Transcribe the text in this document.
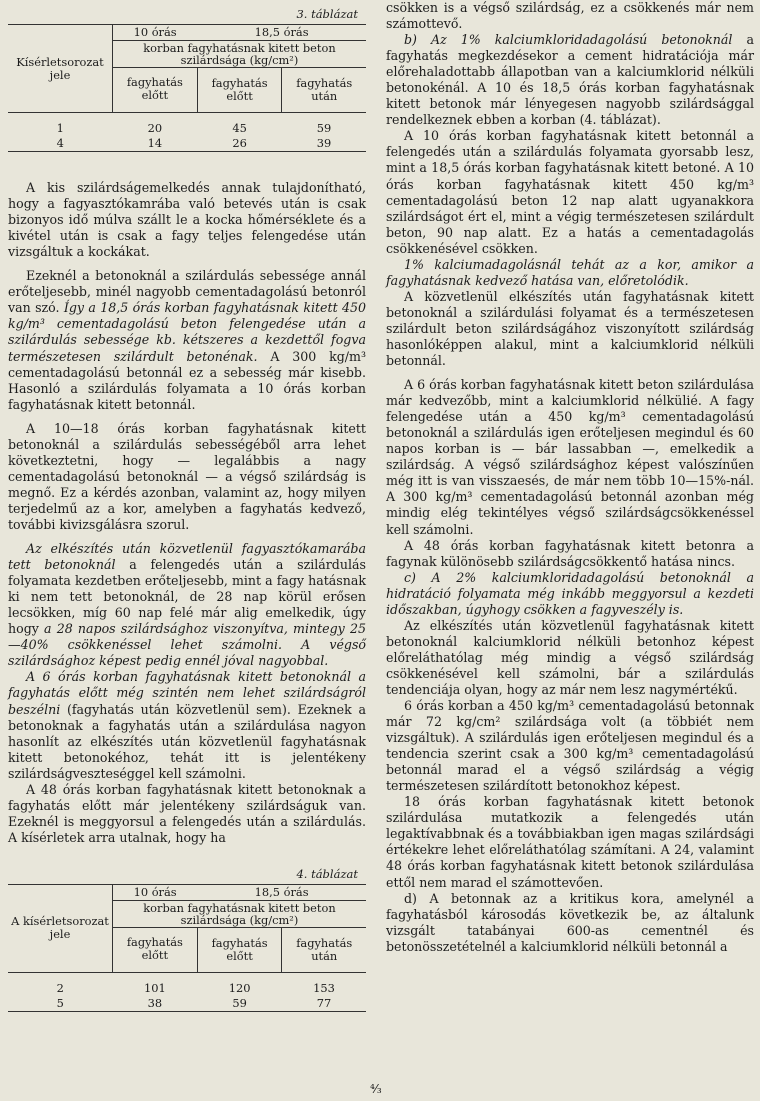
3. táblázat
Kísérletsorozat jele	10 órás	18,5 órás	
	korban fagyhatásnak kitett beton szilárdsága (kg/cm²)		
	fagyhatás előtt	fagyhatás előtt	fagyhatás után

1	20	45	59
4	14	26	39

A kis szilárdságemelkedés annak tulajdonítható, hogy a fagyasztókamrába való betevés után is csak bizonyos idő múlva szállt le a kocka hőmérséklete és a kivétel után is csak a fagy teljes felengedése után vizsgáltuk a kockákat.

Ezeknél a betonoknál a szilárdulás sebessége annál erőteljesebb, minél nagyobb cementadagolású betonról van szó. Így a 18,5 órás korban fagyhatásnak kitett 450 kg/m³ cementadagolású beton felengedése után a szilárdulás sebessége kb. kétszeres a kezdettől fogva természetesen szilárdult betonénak. A 300 kg/m³ cementadagolású betonnál ez a sebesség már kisebb. Hasonló a szilárdulás folyamata a 10 órás korban fagyhatásnak kitett betonnál.

A 10—18 órás korban fagyhatásnak kitett betonoknál a szilárdulás sebességéből arra lehet következtetni, hogy — legalábbis a nagy cementadagolású betonoknál — a végső szilárdság is megnő. Ez a kérdés azonban, valamint az, hogy milyen terjedelmű az a kor, amelyben a fagyhatás kedvező, további kivizsgálásra szorul.

Az elkészítés után közvetlenül fagyasztókamarába tett betonoknál a felengedés után a szilárdulás folyamata kezdetben erőteljesebb, mint a fagy hatásnak ki nem tett betonoknál, de 28 nap körül erősen lecsökken, míg 60 nap felé már alig emelkedik, úgy hogy a 28 napos szilárdsághoz viszonyítva, mintegy 25—40% csökkenéssel lehet számolni. A végső szilárdsághoz képest pedig ennél jóval nagyobbal.

A 6 órás korban fagyhatásnak kitett betonoknál a fagyhatás előtt még szintén nem lehet szilárdságról beszélni (fagyhatás után közvetlenül sem). Ezeknek a betonoknak a fagyhatás után a szilárdulása nagyon hasonlít az elkészítés után közvetlenül fagyhatásnak kitett betonokéhoz, tehát itt is jelentékeny szilárdságveszteséggel kell számolni.

A 48 órás korban fagyhatásnak kitett betonoknak a fagyhatás előtt már jelentékeny szilárdságuk van. Ezeknél is meggyorsul a felengedés után a szilárdulás. A kísérletek arra utalnak, hogy ha

4. táblázat
A kísérletsorozat jele	10 órás	18,5 órás	
	korban fagyhatásnak kitett beton szilárdsága (kg/cm²)		
	fagyhatás előtt	fagyhatás előtt	fagyhatás után

2	101	120	153
5	38	59	77

csökken is a végső szilárdság, ez a csökkenés már nem számottevő.

b) Az 1% kalciumkloridadagolású betonoknál a fagyhatás megkezdésekor a cement hidratációja már előrehaladottabb állapotban van a kalciumklorid nélküli betonokénál. A 10 és 18,5 órás korban fagyhatásnak kitett betonok már lényegesen nagyobb szilárdsággal rendelkeznek ebben a korban (4. táblázat).

A 10 órás korban fagyhatásnak kitett betonnál a felengedés után a szilárdulás folyamata gyorsabb lesz, mint a 18,5 órás korban fagyhatásnak kitett betoné. A 10 órás korban fagyhatásnak kitett 450 kg/m³ cementadagolású beton 12 nap alatt ugyanakkora szilárdságot ért el, mint a végig természetesen szilárdult beton, 90 nap alatt. Ez a hatás a cementadagolás csökkenésével csökken.

1% kalciumadagolásnál tehát az a kor, amikor a fagyhatásnak kedvező hatása van, előretolódik.

A közvetlenül elkészítés után fagyhatásnak kitett betonoknál a szilárdulási folyamat és a természetesen szilárdult beton szilárdságához viszonyított szilárdság hasonlóképpen alakul, mint a kalciumklorid nélküli betonnál.

A 6 órás korban fagyhatásnak kitett beton szilárdulása már kedvezőbb, mint a kalciumklorid nélkülié. A fagy felengedése után a 450 kg/m³ cementadagolású betonoknál a szilárdulás igen erőteljesen megindul és 60 napos korban is — bár lassabban —, emelkedik a szilárdság. A végső szilárdsághoz képest valószínűen még itt is van visszaesés, de már nem több 10—15%-nál. A 300 kg/m³ cementadagolású betonnál azonban még mindig elég tekintélyes végső szilárdságcsökkenéssel kell számolni.

A 48 órás korban fagyhatásnak kitett betonra a fagynak különösebb szilárdságcsökkentő hatása nincs.

c) A 2% kalciumkloridadagolású betonoknál a hidratáció folyamata még inkább meggyorsul a kezdeti időszakban, úgyhogy csökken a fagyveszély is.

Az elkészítés után közvetlenül fagyhatásnak kitett betonoknál kalciumklorid nélküli betonhoz képest előreláthatólag még mindig a végső szilárdság csökkenésével kell számolni, bár a szilárdulás tendenciája olyan, hogy az már nem lesz nagymértékű.

6 órás korban a 450 kg/m³ cementadagolású betonnak már 72 kg/cm² szilárdsága volt (a többiét nem vizsgáltuk). A szilárdulás igen erőteljesen megindul és a tendencia szerint csak a 300 kg/m³ cementadagolású betonnál marad el a végső szilárdság a végig természetesen szilárdított betonokhoz képest.

18 órás korban fagyhatásnak kitett betonok szilárdulása mutatkozik a felengedés után legaktívabbnak és a továbbiakban igen magas szilárdsági értékekre lehet előreláthatólag számítani. A 24, valamint 48 órás korban fagyhatásnak kitett betonok szilárdulása ettől nem marad el számottevően.

d) A betonnak az a kritikus kora, amelynél a fagyhatásból károsodás következik be, az általunk vizsgált tatabányai 600-as cementnél és betonösszetételnél a kalciumklorid nélküli betonnál a

⁴⁄₃
